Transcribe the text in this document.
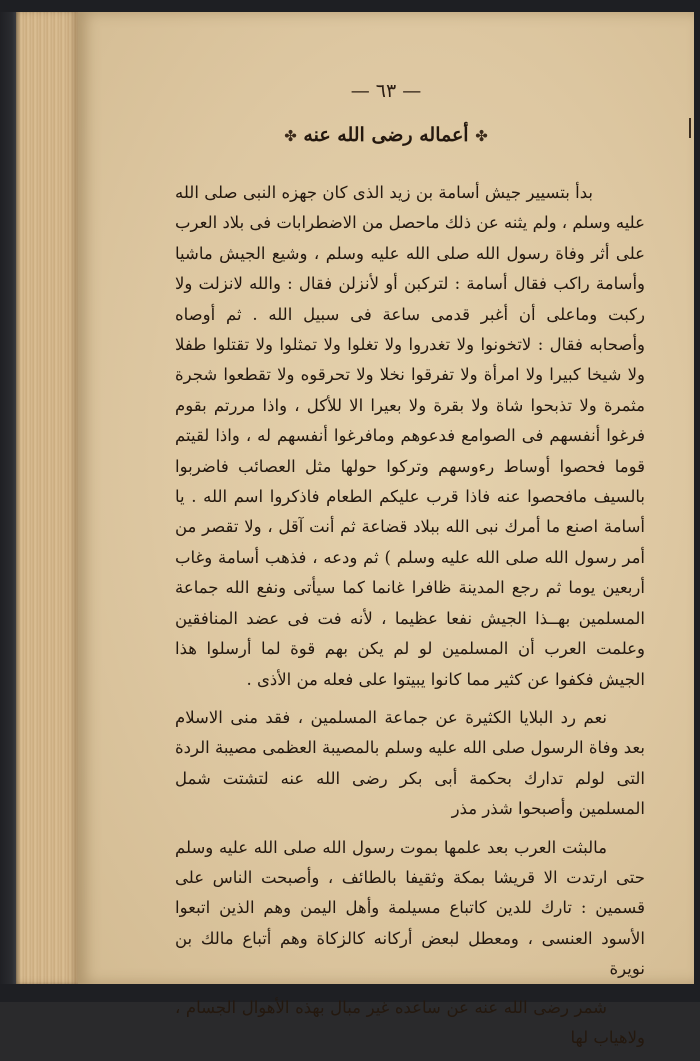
— ٦٣ —
✤ أعماله رضى الله عنه ✤

بدأ بتسيير جيش أسامة بن زيد الذى كان جهزه النبى صلى الله عليه وسلم ، ولم يثنه عن ذلك ماحصل من الاضطرابات فى بلاد العرب على أثر وفاة رسول الله صلى الله عليه وسلم ، وشيع الجيش ماشيا وأسامة راكب فقال أسامة : لتركبن أو لأنزلن فقال : والله لانزلت ولا ركبت وماعلى أن أغبر قدمى ساعة فى سبيل الله . ثم أوصاه وأصحابه فقال : لاتخونوا ولا تغدروا ولا تغلوا ولا تمثلوا ولا تقتلوا طفلا ولا شيخا كبيرا ولا امرأة ولا تفرقوا نخلا ولا تحرقوه ولا تقطعوا شجرة مثمرة ولا تذبحوا شاة ولا بقرة ولا بعيرا الا للأكل ، واذا مررتم بقوم فرغوا أنفسهم فى الصوامع فدعوهم ومافرغوا أنفسهم له ، واذا لقيتم قوما فحصوا أوساط رءوسهم وتركوا حولها مثل العصائب فاضربوا بالسيف مافحصوا عنه فاذا قرب عليكم الطعام فاذكروا اسم الله . يا أسامة اصنع ما أمرك نبى الله ببلاد قضاعة ثم أنت آقل ، ولا تقصر من أمر رسول الله صلى الله عليه وسلم ) ثم ودعه ، فذهب أسامة وغاب أربعين يوما ثم رجع المدينة ظافرا غانما كما سيأتى ونفع الله جماعة المسلمين بهــذا الجيش نفعا عظيما ، لأنه فت فى عضد المنافقين وعلمت العرب أن المسلمين لو لم يكن بهم قوة لما أرسلوا هذا الجيش فكفوا عن كثير مما كانوا يبيتوا على فعله من الأذى .

نعم رد البلايا الكثيرة عن جماعة المسلمين ، فقد منى الاسلام بعد وفاة الرسول صلى الله عليه وسلم بالمصيبة العظمى مصيبة الردة التى لولم تدارك بحكمة أبى بكر رضى الله عنه لتشتت شمل المسلمين وأصبحوا شذر مذر

مالبثت العرب بعد علمها بموت رسول الله صلى الله عليه وسلم حتى ارتدت الا قريشا بمكة وثقيفا بالطائف ، وأصبحت الناس على قسمين : تارك للدين كاتباع مسيلمة وأهل اليمن وهم الذين اتبعوا الأسود العنسى ، ومعطل لبعض أركانه كالزكاة وهم أتباع مالك بن نويرة

شمر رضى الله عنه عن ساعده غير مبال بهذه الأهوال الجسام ، ولاهياب لها
